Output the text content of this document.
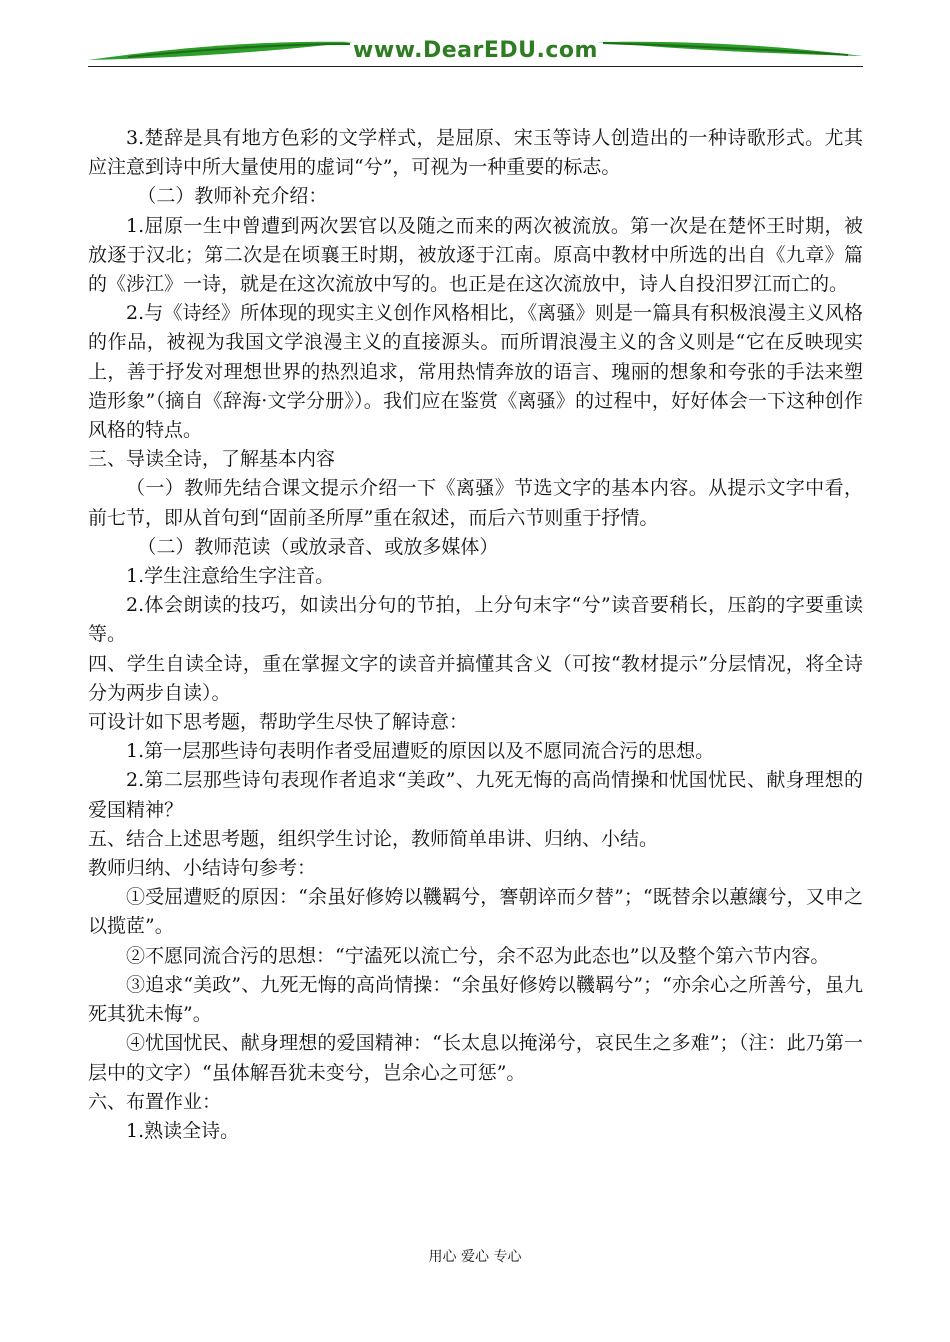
www.DearEDU.com

3.楚辞是具有地方色彩的文学样式，是屈原、宋玉等诗人创造出的一种诗歌形式。尤其应注意到诗中所大量使用的虚词“兮”，可视为一种重要的标志。

（二）教师补充介绍：

1.屈原一生中曾遭到两次罢官以及随之而来的两次被流放。第一次是在楚怀王时期，被放逐于汉北；第二次是在顷襄王时期，被放逐于江南。原高中教材中所选的出自《九章》篇的《涉江》一诗，就是在这次流放中写的。也正是在这次流放中，诗人自投汨罗江而亡的。

2.与《诗经》所体现的现实主义创作风格相比，《离骚》则是一篇具有积极浪漫主义风格的作品，被视为我国文学浪漫主义的直接源头。而所谓浪漫主义的含义则是“它在反映现实上，善于抒发对理想世界的热烈追求，常用热情奔放的语言、瑰丽的想象和夸张的手法来塑造形象”（摘自《辞海·文学分册》）。我们应在鉴赏《离骚》的过程中，好好体会一下这种创作风格的特点。

三、导读全诗，了解基本内容

（一）教师先结合课文提示介绍一下《离骚》节选文字的基本内容。从提示文字中看，前七节，即从首句到“固前圣所厚”重在叙述，而后六节则重于抒情。

（二）教师范读（或放录音、或放多媒体）

1.学生注意给生字注音。

2.体会朗读的技巧，如读出分句的节拍，上分句末字“兮”读音要稍长，压韵的字要重读等。

四、学生自读全诗，重在掌握文字的读音并搞懂其含义（可按“教材提示”分层情况，将全诗分为两步自读）。

可设计如下思考题，帮助学生尽快了解诗意：

1.第一层那些诗句表明作者受屈遭贬的原因以及不愿同流合污的思想。

2.第二层那些诗句表现作者追求“美政”、九死无悔的高尚情操和忧国忧民、献身理想的爱国精神？

五、结合上述思考题，组织学生讨论，教师简单串讲、归纳、小结。

教师归纳、小结诗句参考：

①受屈遭贬的原因：“余虽好修姱以鞿羁兮，謇朝谇而夕替”；“既替余以蕙纕兮，又申之以揽茝”。

②不愿同流合污的思想：“宁溘死以流亡兮，余不忍为此态也”以及整个第六节内容。

③追求“美政”、九死无悔的高尚情操：“余虽好修姱以鞿羁兮”；“亦余心之所善兮，虽九死其犹未悔”。

④忧国忧民、献身理想的爱国精神：“长太息以掩涕兮，哀民生之多难”；（注：此乃第一层中的文字）“虽体解吾犹未变兮，岂余心之可惩”。

六、布置作业：

1.熟读全诗。

用心 爱心 专心
